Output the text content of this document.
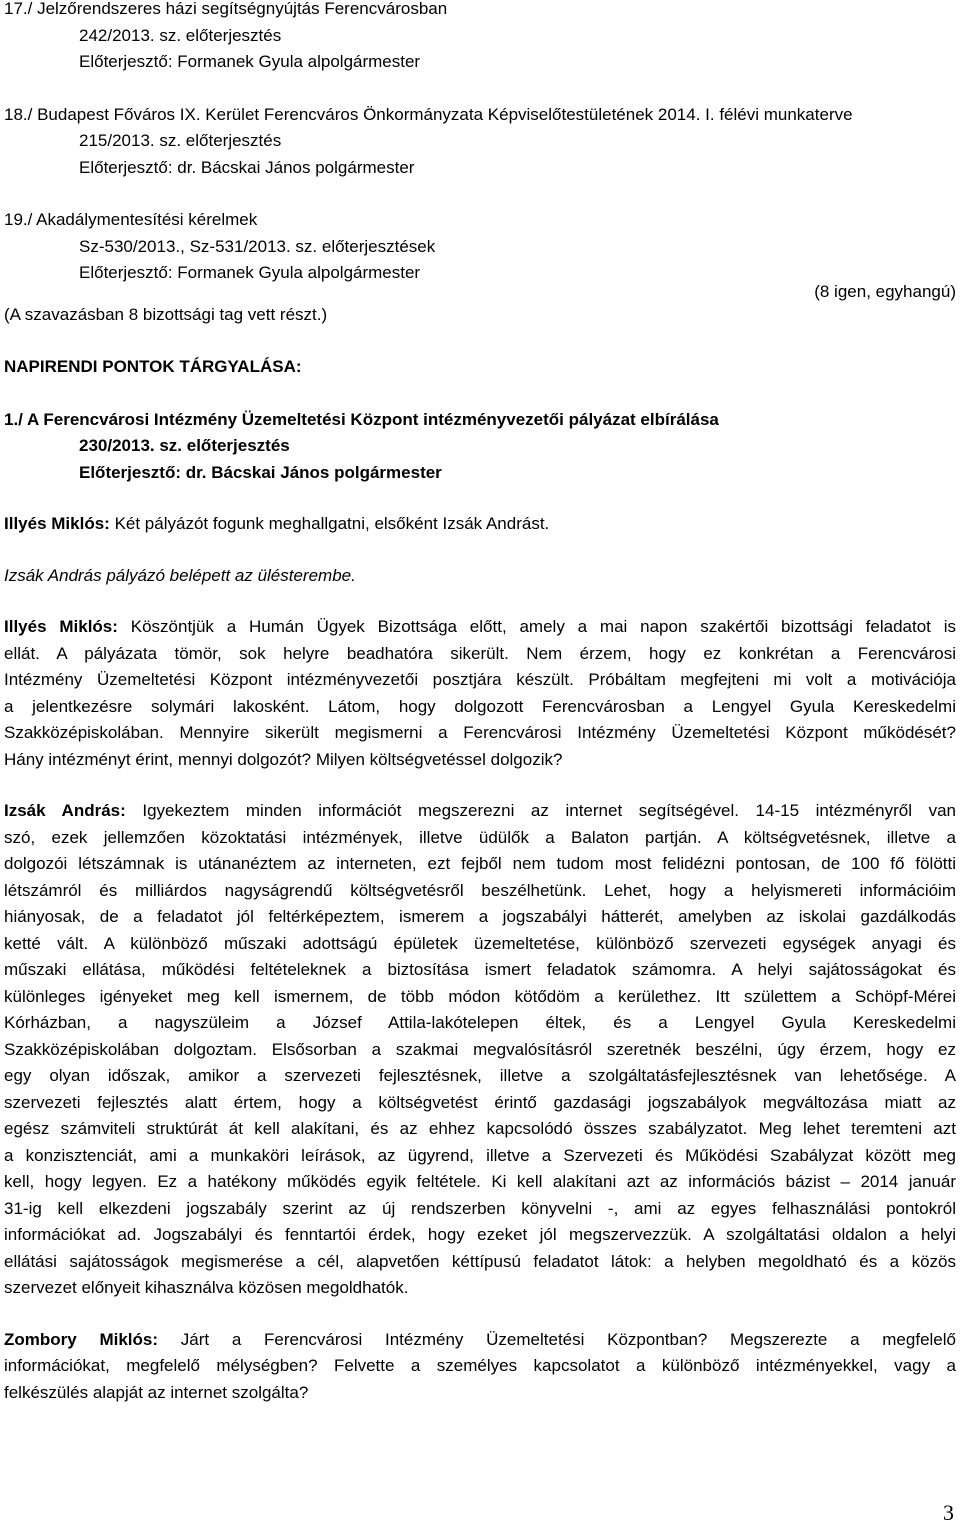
17./ Jelzőrendszeres házi segítségnyújtás Ferencvárosban

242/2013. sz. előterjesztés

Előterjesztő: Formanek Gyula alpolgármester

18./ Budapest Főváros IX. Kerület Ferencváros Önkormányzata Képviselőtestületének 2014. I. félévi munkaterve

215/2013. sz. előterjesztés

Előterjesztő: dr. Bácskai János polgármester

19./ Akadálymentesítési kérelmek

Sz-530/2013., Sz-531/2013. sz. előterjesztések

Előterjesztő: Formanek Gyula alpolgármester

(A szavazásban 8 bizottsági tag vett részt.)

(8 igen, egyhangú)

NAPIRENDI PONTOK TÁRGYALÁSA:

1./ A Ferencvárosi Intézmény Üzemeltetési Központ intézményvezetői pályázat elbírálása

230/2013. sz. előterjesztés

Előterjesztő: dr. Bácskai János polgármester

Illyés Miklós: Két pályázót fogunk meghallgatni, elsőként Izsák Andrást.

Izsák András pályázó belépett az ülésterembe.

Illyés Miklós: Köszöntjük a Humán Ügyek Bizottsága előtt, amely a mai napon szakértői bizottsági feladatot is
ellát. A pályázata tömör, sok helyre beadhatóra sikerült. Nem érzem, hogy ez konkrétan a Ferencvárosi
Intézmény Üzemeltetési Központ intézményvezetői posztjára készült. Próbáltam megfejteni mi volt a motivációja
a jelentkezésre solymári lakosként. Látom, hogy dolgozott Ferencvárosban a Lengyel Gyula Kereskedelmi
Szakközépiskolában. Mennyire sikerült megismerni a Ferencvárosi Intézmény Üzemeltetési Központ működését?
Hány intézményt érint, mennyi dolgozót? Milyen költségvetéssel dolgozik?
Izsák András: Igyekeztem minden információt megszerezni az internet segítségével. 14-15 intézményről van
szó, ezek jellemzően közoktatási intézmények, illetve üdülők a Balaton partján. A költségvetésnek, illetve a
dolgozói létszámnak is utánanéztem az interneten, ezt fejből nem tudom most felidézni pontosan, de 100 fő fölötti
létszámról és milliárdos nagyságrendű költségvetésről beszélhetünk. Lehet, hogy a helyismereti információim
hiányosak, de a feladatot jól feltérképeztem, ismerem a jogszabályi hátterét, amelyben az iskolai gazdálkodás
ketté vált. A különböző műszaki adottságú épületek üzemeltetése, különböző szervezeti egységek anyagi és
műszaki ellátása, működési feltételeknek a biztosítása ismert feladatok számomra. A helyi sajátosságokat és
különleges igényeket meg kell ismernem, de több módon kötődöm a kerülethez. Itt születtem a Schöpf-Mérei
Kórházban, a nagyszüleim a József Attila-lakótelepen éltek, és a Lengyel Gyula Kereskedelmi
Szakközépiskolában dolgoztam. Elsősorban a szakmai megvalósításról szeretnék beszélni, úgy érzem, hogy ez
egy olyan időszak, amikor a szervezeti fejlesztésnek, illetve a szolgáltatásfejlesztésnek van lehetősége. A
szervezeti fejlesztés alatt értem, hogy a költségvetést érintő gazdasági jogszabályok megváltozása miatt az
egész számviteli struktúrát át kell alakítani, és az ehhez kapcsolódó összes szabályzatot. Meg lehet teremteni azt
a konzisztenciát, ami a munkaköri leírások, az ügyrend, illetve a Szervezeti és Működési Szabályzat között meg
kell, hogy legyen. Ez a hatékony működés egyik feltétele. Ki kell alakítani azt az információs bázist – 2014 január
31-ig kell elkezdeni jogszabály szerint az új rendszerben könyvelni -, ami az egyes felhasználási pontokról
információkat ad. Jogszabályi és fenntartói érdek, hogy ezeket jól megszervezzük. A szolgáltatási oldalon a helyi
ellátási sajátosságok megismerése a cél, alapvetően kéttípusú feladatot látok: a helyben megoldható és a közös
szervezet előnyeit kihasználva közösen megoldhatók.
Zombory Miklós: Járt a Ferencvárosi Intézmény Üzemeltetési Központban? Megszerezte a megfelelő
információkat, megfelelő mélységben? Felvette a személyes kapcsolatot a különböző intézményekkel, vagy a
felkészülés alapját az internet szolgálta?
3
